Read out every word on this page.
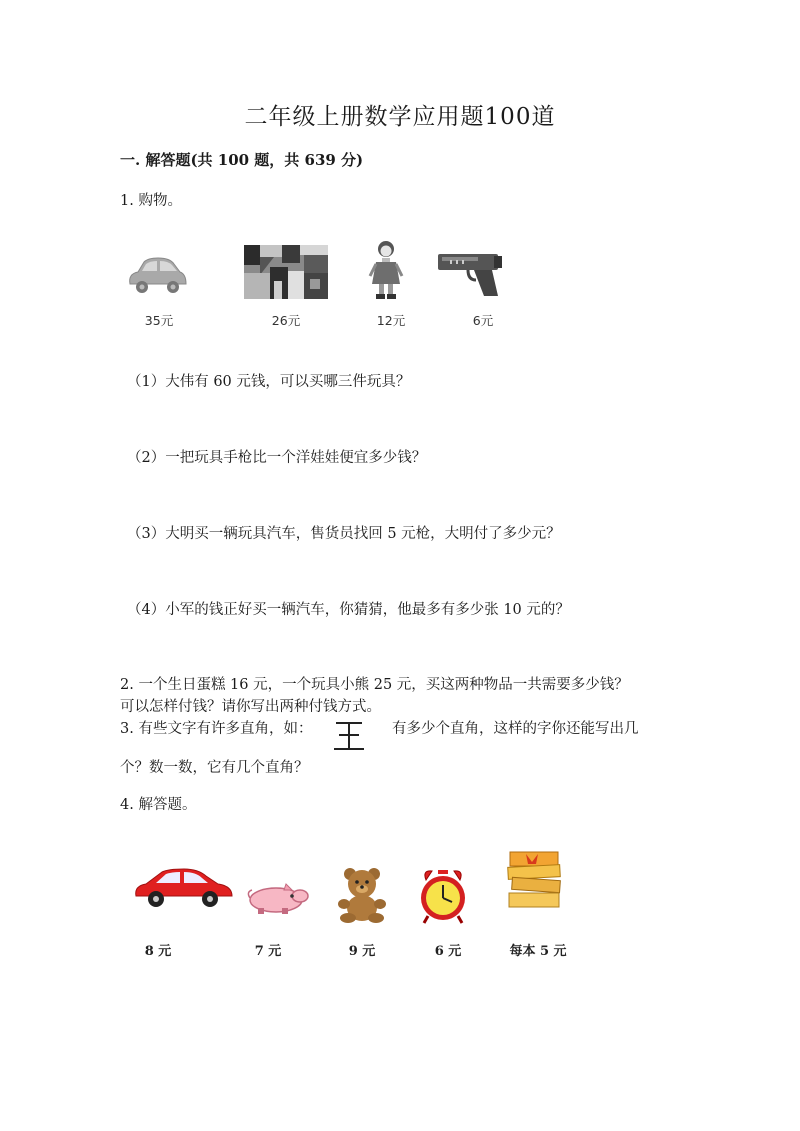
二年级上册数学应用题100道
一. 解答题(共 100 题，共 639 分)
1. 购物。
35元	26元	12元	6元
（1）大伟有 60 元钱，可以买哪三件玩具？
（2）一把玩具手枪比一个洋娃娃便宜多少钱？
（3）大明买一辆玩具汽车，售货员找回 5 元枪，大明付了多少元？
（4）小军的钱正好买一辆汽车，你猜猜，他最多有多少张 10 元的？
2. 一个生日蛋糕 16 元，一个玩具小熊 25 元，买这两种物品一共需要多少钱？
可以怎样付钱？请你写出两种付钱方式。
3. 有些文字有许多直角，如：	有多少个直角，这样的字你还能写出几
个？数一数，它有几个直角？
4. 解答题。
8 元	7 元	9 元	6 元	每本 5 元
